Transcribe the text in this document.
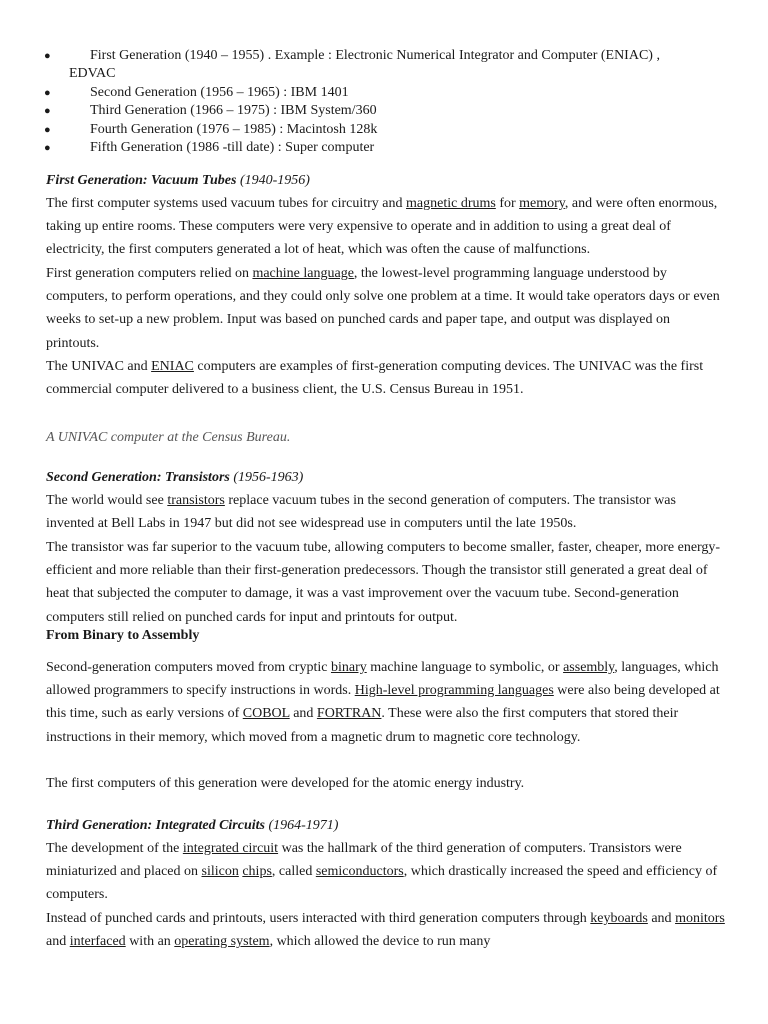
●	First Generation (1940 – 1955) . Example : Electronic Numerical Integrator and Computer (ENIAC) ,
EDVAC
●	Second Generation (1956 – 1965) : IBM 1401
●	Third Generation (1966 – 1975) : IBM System/360
●	Fourth Generation (1976 – 1985) : Macintosh 128k
●	Fifth Generation (1986 -till date) : Super computer
First Generation: Vacuum Tubes (1940-1956)

The first computer systems used vacuum tubes for circuitry and magnetic drums for memory, and were often enormous, taking up entire rooms. These computers were very expensive to operate and in addition to using a great deal of electricity, the first computers generated a lot of heat, which was often the cause of malfunctions.

First generation computers relied on machine language, the lowest-level programming language understood by computers, to perform operations, and they could only solve one problem at a time. It would take operators days or even weeks to set-up a new problem. Input was based on punched cards and paper tape, and output was displayed on printouts.

The UNIVAC and ENIAC computers are examples of first-generation computing devices. The UNIVAC was the first commercial computer delivered to a business client, the U.S. Census Bureau in 1951.

A UNIVAC computer at the Census Bureau.
Second Generation: Transistors (1956-1963)

The world would see transistors replace vacuum tubes in the second generation of computers. The transistor was invented at Bell Labs in 1947 but did not see widespread use in computers until the late 1950s.

The transistor was far superior to the vacuum tube, allowing computers to become smaller, faster, cheaper, more energy-efficient and more reliable than their first-generation predecessors. Though the transistor still generated a great deal of heat that subjected the computer to damage, it was a vast improvement over the vacuum tube. Second-generation computers still relied on punched cards for input and printouts for output.

From Binary to Assembly

Second-generation computers moved from cryptic binary machine language to symbolic, or assembly, languages, which allowed programmers to specify instructions in words. High-level programming languages were also being developed at this time, such as early versions of COBOL and FORTRAN. These were also the first computers that stored their instructions in their memory, which moved from a magnetic drum to magnetic core technology.

The first computers of this generation were developed for the atomic energy industry.

Third Generation: Integrated Circuits (1964-1971)

The development of the integrated circuit was the hallmark of the third generation of computers. Transistors were miniaturized and placed on silicon chips, called semiconductors, which drastically increased the speed and efficiency of computers.

Instead of punched cards and printouts, users interacted with third generation computers through keyboards and monitors and interfaced with an operating system, which allowed the device to run many
